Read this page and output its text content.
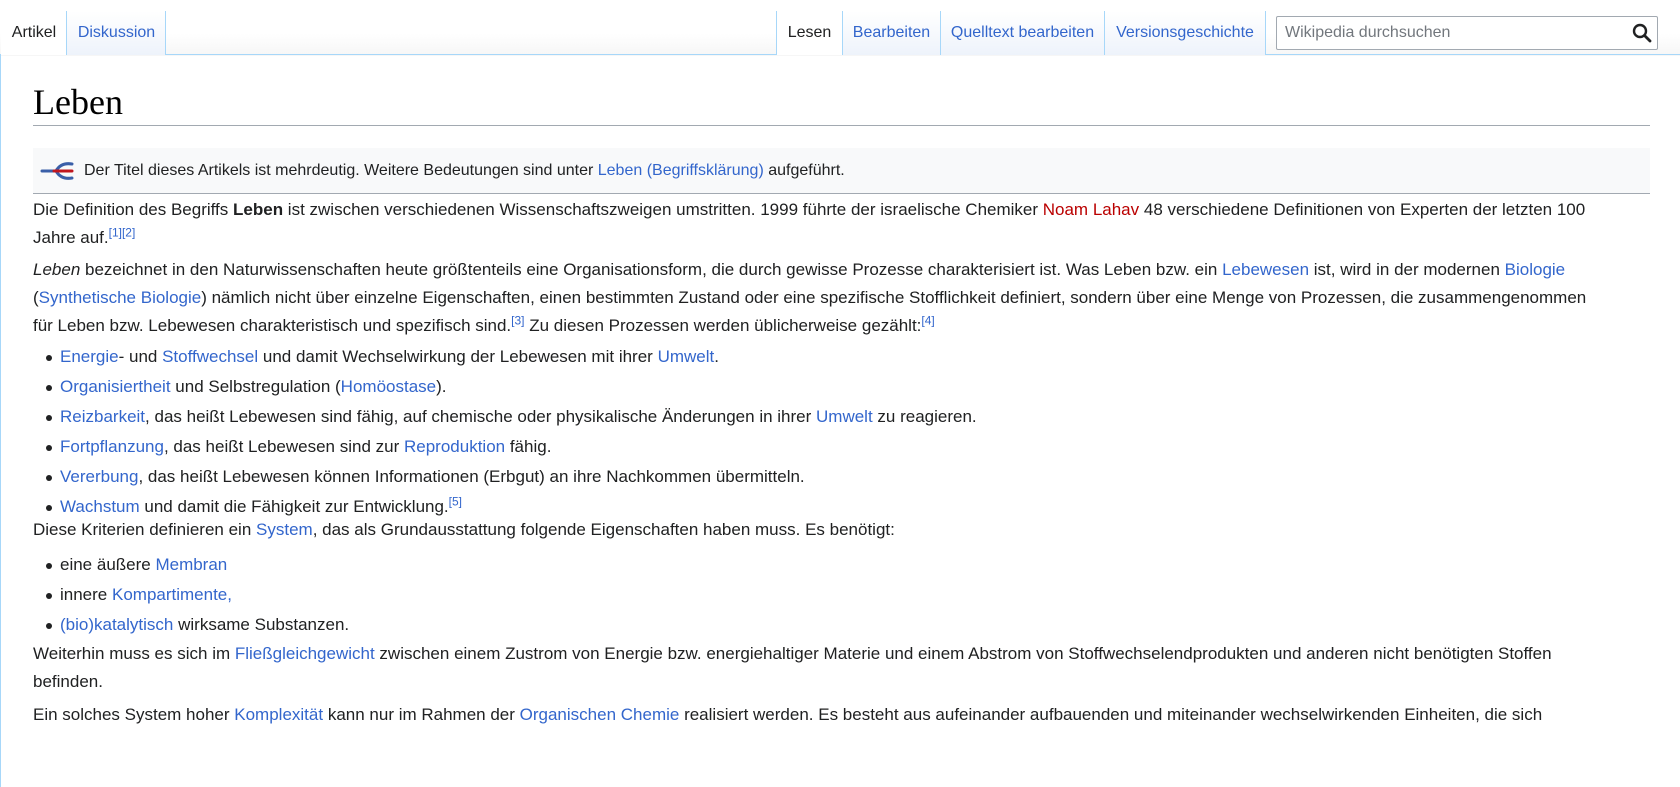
Artikel Diskussion	Lesen Bearbeiten Quelltext bearbeiten Versionsgeschichte
Wikipedia durchsuchen
Leben
Der Titel dieses Artikels ist mehrdeutig. Weitere Bedeutungen sind unter Leben (Begriffsklärung) aufgeführt.
Die Definition des Begriffs Leben ist zwischen verschiedenen Wissenschaftszweigen umstritten. 1999 führte der israelische Chemiker Noam Lahav 48 verschiedene Definitionen von Experten der letzten 100
Jahre auf.[1][2]
Leben bezeichnet in den Naturwissenschaften heute größtenteils eine Organisationsform, die durch gewisse Prozesse charakterisiert ist. Was Leben bzw. ein Lebewesen ist, wird in der modernen Biologie
(Synthetische Biologie) nämlich nicht über einzelne Eigenschaften, einen bestimmten Zustand oder eine spezifische Stofflichkeit definiert, sondern über eine Menge von Prozessen, die zusammengenommen
für Leben bzw. Lebewesen charakteristisch und spezifisch sind.[3] Zu diesen Prozessen werden üblicherweise gezählt:[4]
Energie- und Stoffwechsel und damit Wechselwirkung der Lebewesen mit ihrer Umwelt.
Organisiertheit und Selbstregulation (Homöostase).
Reizbarkeit, das heißt Lebewesen sind fähig, auf chemische oder physikalische Änderungen in ihrer Umwelt zu reagieren.
Fortpflanzung, das heißt Lebewesen sind zur Reproduktion fähig.
Vererbung, das heißt Lebewesen können Informationen (Erbgut) an ihre Nachkommen übermitteln.
Wachstum und damit die Fähigkeit zur Entwicklung.[5]
Diese Kriterien definieren ein System, das als Grundausstattung folgende Eigenschaften haben muss. Es benötigt:
eine äußere Membran
innere Kompartimente,
(bio)katalytisch wirksame Substanzen.
Weiterhin muss es sich im Fließgleichgewicht zwischen einem Zustrom von Energie bzw. energiehaltiger Materie und einem Abstrom von Stoffwechselendprodukten und anderen nicht benötigten Stoffen
befinden.
Ein solches System hoher Komplexität kann nur im Rahmen der Organischen Chemie realisiert werden. Es besteht aus aufeinander aufbauenden und miteinander wechselwirkenden Einheiten, die sich
